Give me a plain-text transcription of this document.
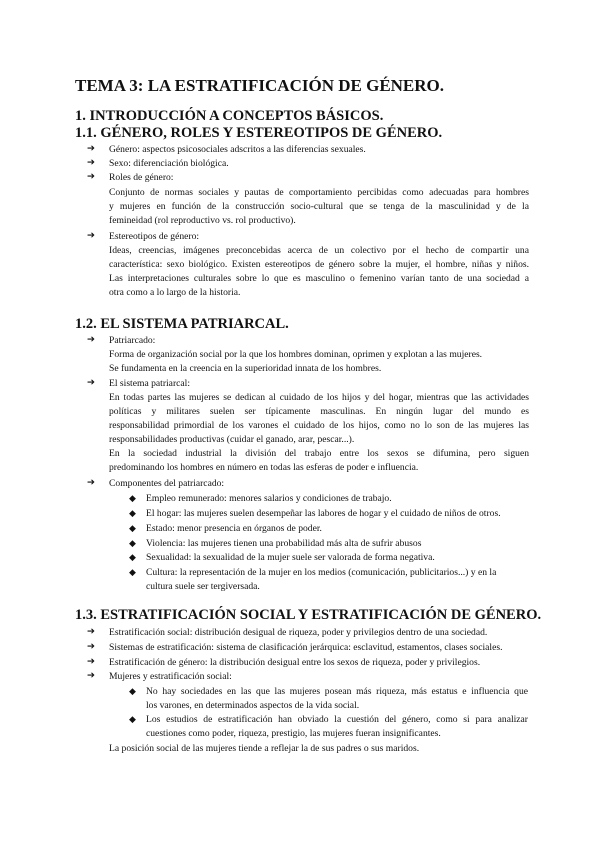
TEMA 3: LA ESTRATIFICACIÓN DE GÉNERO.
1. INTRODUCCIÓN A CONCEPTOS BÁSICOS.
1.1. GÉNERO, ROLES Y ESTEREOTIPOS DE GÉNERO.
➔ Género: aspectos psicosociales adscritos a las diferencias sexuales.

➔ Sexo: diferenciación biológica.

➔ Roles de género:

Conjunto de normas sociales y pautas de comportamiento percibidas como adecuadas para hombres

y mujeres en función de la construcción socio-cultural que se tenga de la masculinidad y de la

femineidad (rol reproductivo vs. rol productivo).

➔ Estereotipos de género:

Ideas, creencias, imágenes preconcebidas acerca de un colectivo por el hecho de compartir una

característica: sexo biológico. Existen estereotipos de género sobre la mujer, el hombre, niñas y niños.

Las interpretaciones culturales sobre lo que es masculino o femenino varían tanto de una sociedad a

otra como a lo largo de la historia.

1.2. EL SISTEMA PATRIARCAL.
➔ Patriarcado:

Forma de organización social por la que los hombres dominan, oprimen y explotan a las mujeres.

Se fundamenta en la creencia en la superioridad innata de los hombres.

➔ El sistema patriarcal:

En todas partes las mujeres se dedican al cuidado de los hijos y del hogar, mientras que las actividades

políticas y militares suelen ser típicamente masculinas. En ningún lugar del mundo es

responsabilidad primordial de los varones el cuidado de los hijos, como no lo son de las mujeres las

responsabilidades productivas (cuidar el ganado, arar, pescar...).

En la sociedad industrial la división del trabajo entre los sexos se difumina, pero siguen

predominando los hombres en número en todas las esferas de poder e influencia.

➔ Componentes del patriarcado:

◆ Empleo remunerado: menores salarios y condiciones de trabajo.

◆ El hogar: las mujeres suelen desempeñar las labores de hogar y el cuidado de niños de otros.

◆ Estado: menor presencia en órganos de poder.

◆ Violencia: las mujeres tienen una probabilidad más alta de sufrir abusos

◆ Sexualidad: la sexualidad de la mujer suele ser valorada de forma negativa.

◆ Cultura: la representación de la mujer en los medios (comunicación, publicitarios...) y en la

cultura suele ser tergiversada.

1.3. ESTRATIFICACIÓN SOCIAL Y ESTRATIFICACIÓN DE GÉNERO.
➔ Estratificación social: distribución desigual de riqueza, poder y privilegios dentro de una sociedad.

➔ Sistemas de estratificación: sistema de clasificación jerárquica: esclavitud, estamentos, clases sociales.

➔ Estratificación de género: la distribución desigual entre los sexos de riqueza, poder y privilegios.

➔ Mujeres y estratificación social:

◆ No hay sociedades en las que las mujeres posean más riqueza, más estatus e influencia que

los varones, en determinados aspectos de la vida social.

◆ Los estudios de estratificación han obviado la cuestión del género, como si para analizar

cuestiones como poder, riqueza, prestigio, las mujeres fueran insignificantes.

La posición social de las mujeres tiende a reflejar la de sus padres o sus maridos.
